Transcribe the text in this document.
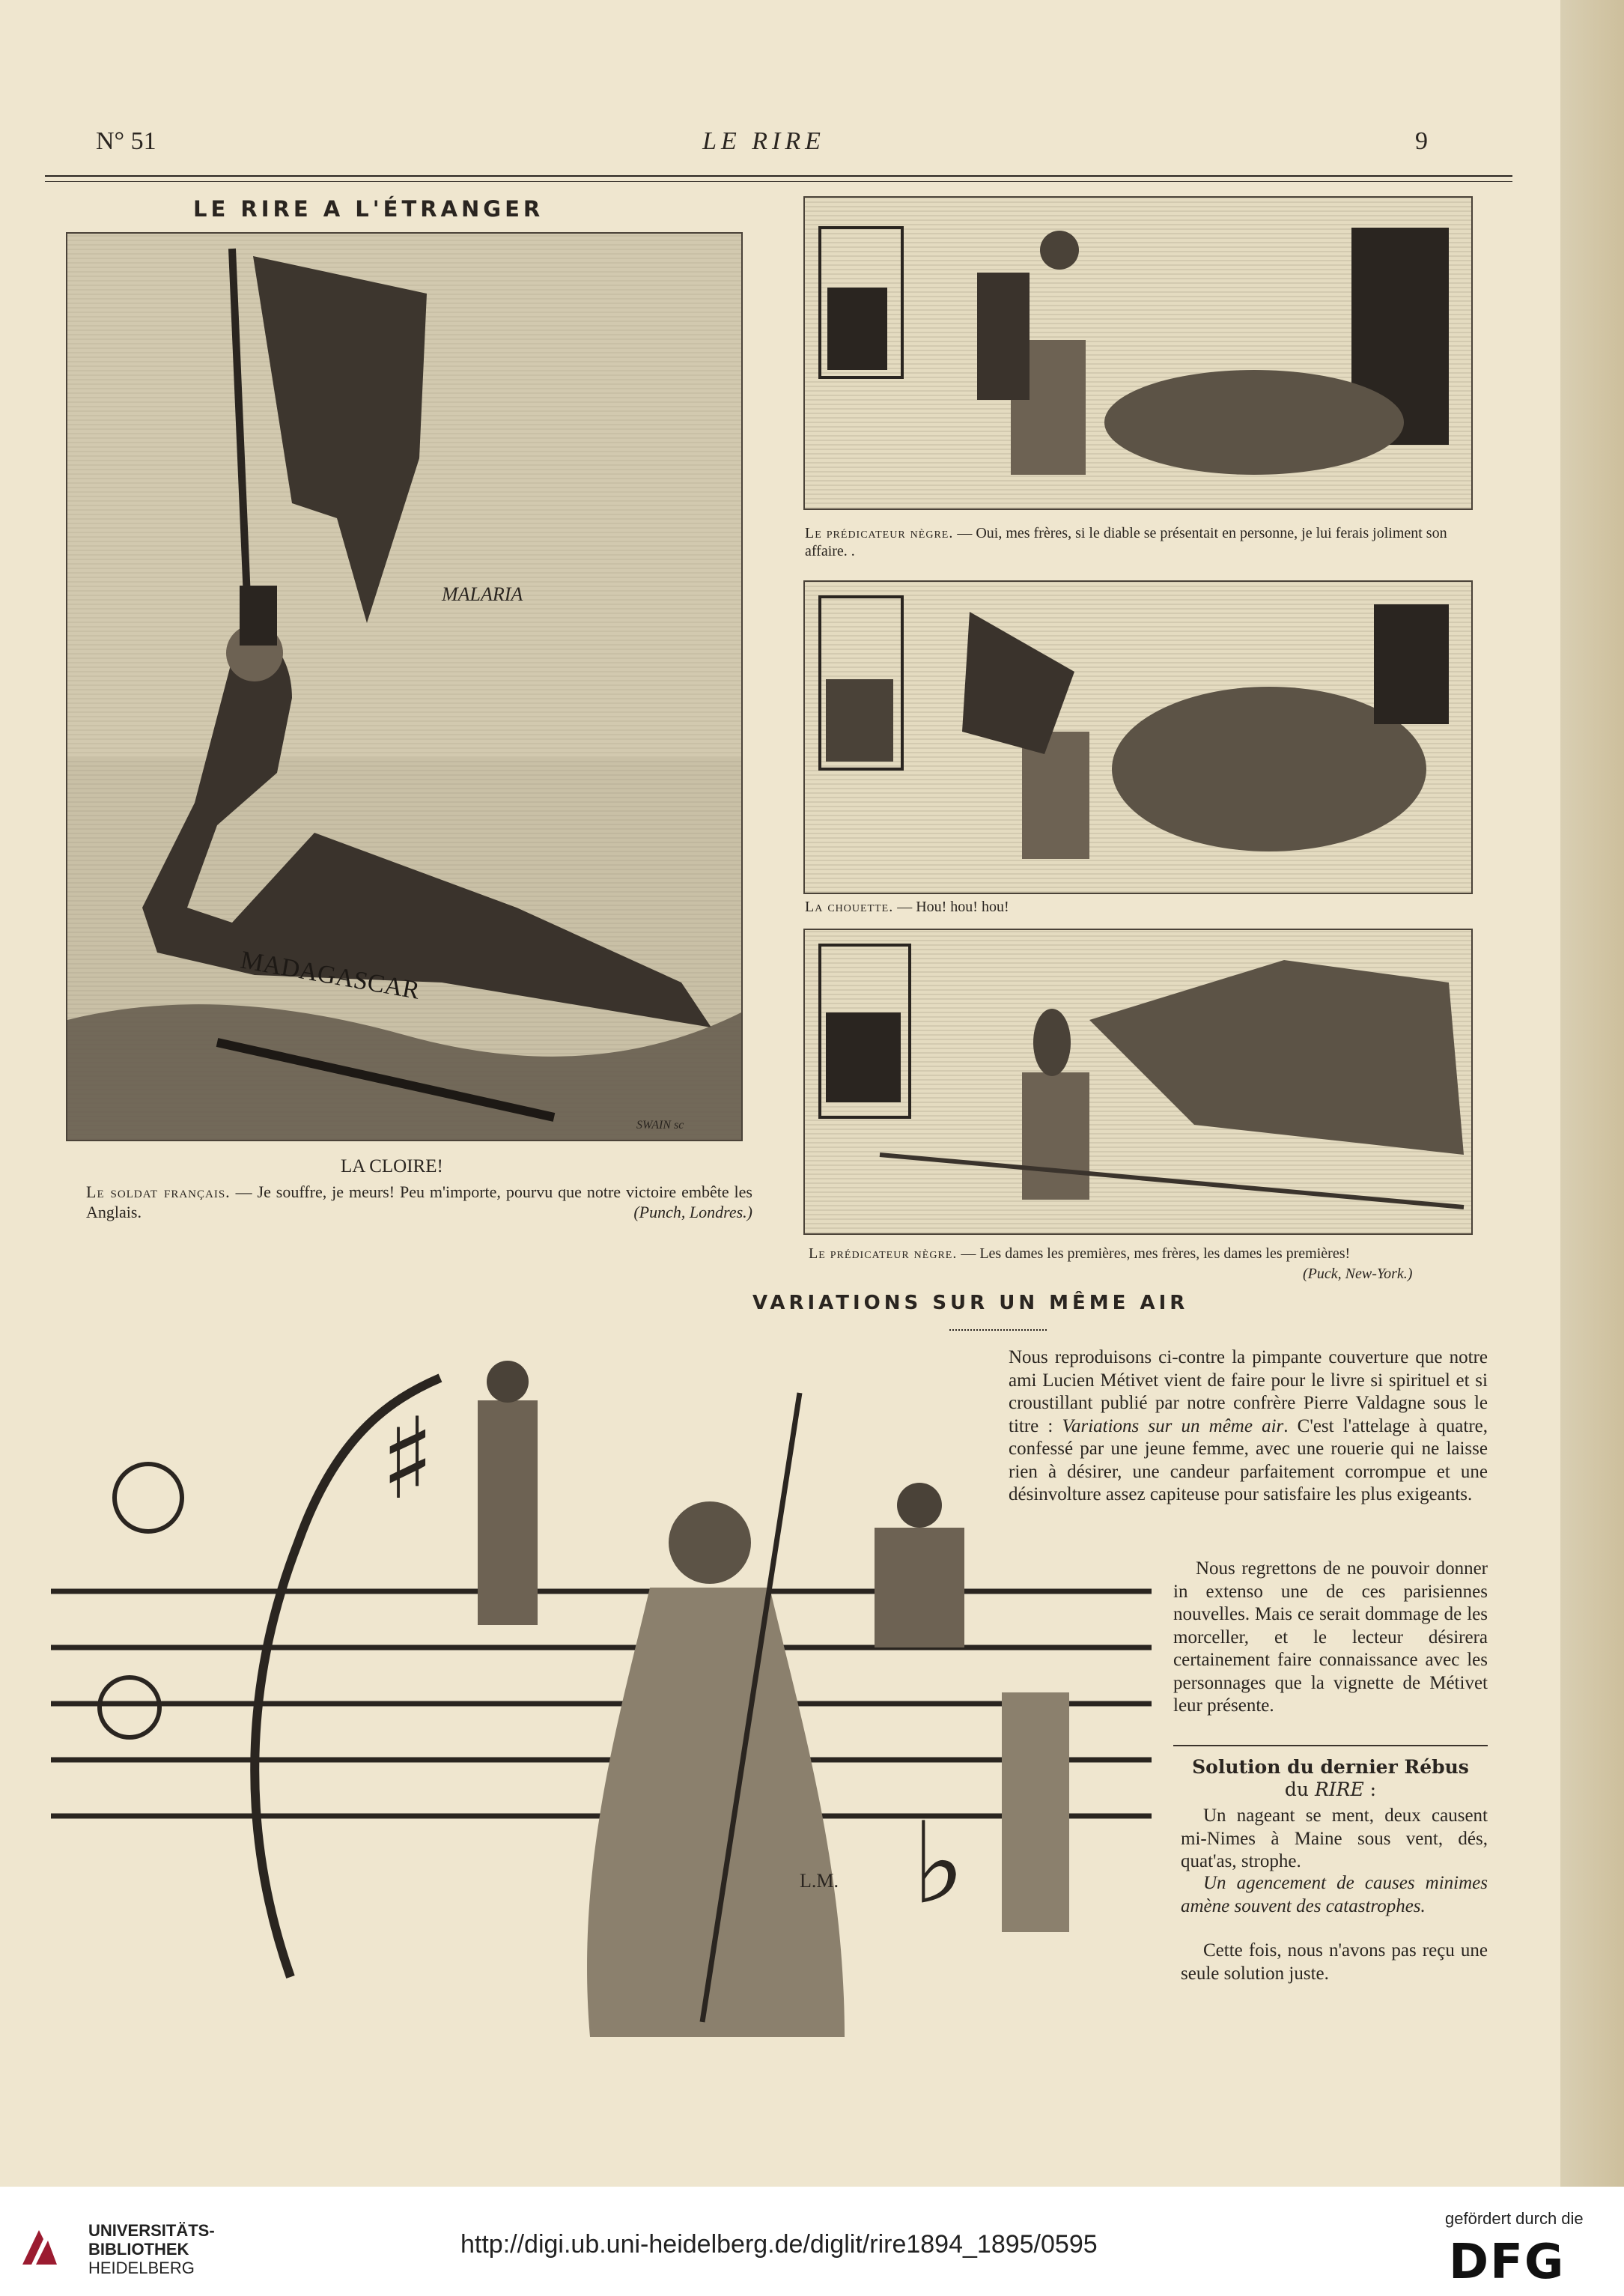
N° 51	LE RIRE	9
LE RIRE A L'ÉTRANGER
MALARIA
MADAGASCAR
SWAIN sc
LA CLOIRE!
Le soldat français. — Je souffre, je meurs! Peu m'importe, pourvu que notre victoire embête les Anglais.	(Punch, Londres.)
Le prédicateur nègre. — Oui, mes frères, si le diable se présentait en personne, je lui ferais joliment son affaire. .
La chouette. — Hou! hou! hou!
Le prédicateur nègre. — Les dames les premières, mes frères, les dames les premières!
(Puck, New-York.)
VARIATIONS SUR UN MÊME AIR
♯
♭
L.M.

Nous reproduisons ci-contre la pimpante couverture que notre ami Lucien Métivet vient de faire pour le livre si spirituel et si croustillant publié par notre confrère Pierre Valdagne sous le titre : Variations sur un même air. C'est l'attelage à quatre, confessé par une jeune femme, avec une rouerie qui ne laisse rien à désirer, une candeur parfaitement corrompue et une désinvolture assez capiteuse pour satisfaire les plus exigeants.

Nous regrettons de ne pouvoir donner in extenso une de ces parisiennes nouvelles. Mais ce serait dommage de les morceller, et le lecteur désirera certainement faire connaissance avec les personnages que la vignette de Métivet leur présente.
Solution du dernier Rébus
du RIRE :
Un nageant se ment, deux causent mi-Nimes à Maine sous vent, dés, quat'as, strophe.
Un agencement de causes minimes amène souvent des catastrophes.
Cette fois, nous n'avons pas reçu une seule solution juste.
UNIVERSITÄTS-
BIBLIOTHEK
HEIDELBERG
http://digi.ub.uni-heidelberg.de/diglit/rire1894_1895/0595
gefördert durch die
DFG
